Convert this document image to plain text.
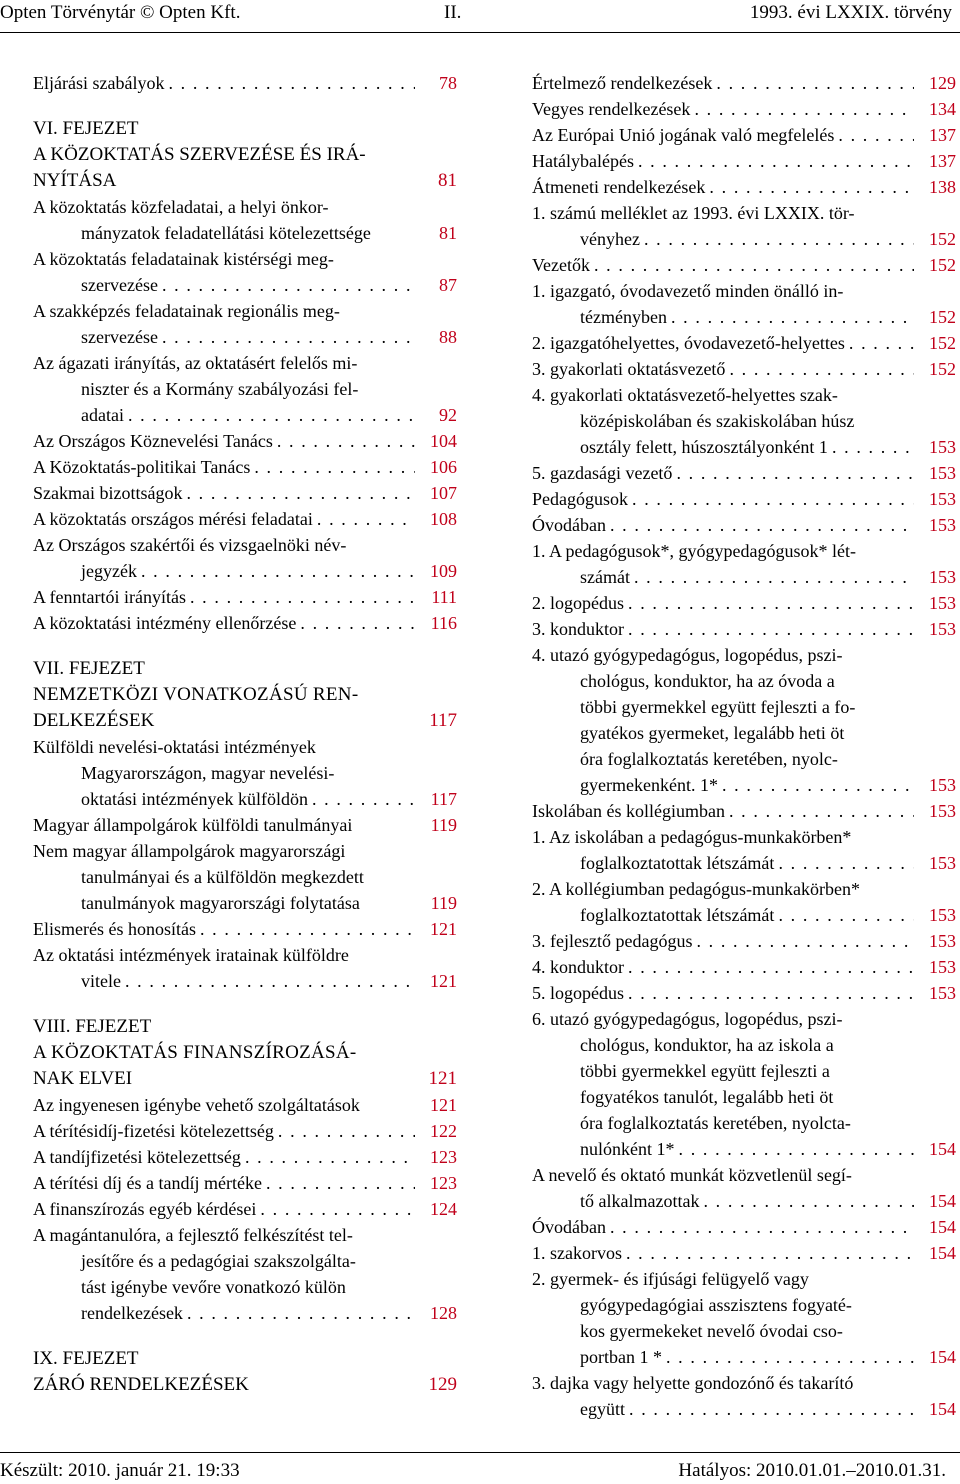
Opten Törvénytár © Opten Kft.	II.	1993. évi LXXIX. törvény
Eljárási szabályok . . .	78
VI. FEJEZET
A KÖZOKTATÁS SZERVEZÉSE ÉS IRÁ-
NYÍTÁSA	81
A közoktatás közfeladatai, a helyi önkor-
mányzatok feladatellátási kötelezettsége	81
A közoktatás feladatainak kistérségi meg-
szervezése . . .	87
A szakképzés feladatainak regionális meg-
szervezése . . .	88
Az ágazati irányítás, az oktatásért felelős mi-
niszter és a Kormány szabályozási fel-
adatai . . .	92
Az Országos Köznevelési Tanács . . .	104
A Közoktatás-politikai Tanács . . .	106
Szakmai bizottságok . . .	107
A közoktatás országos mérési feladatai . . .	108
Az Országos szakértői és vizsgaelnöki név-
jegyzék . . .	109
A fenntartói irányítás . . .	111
A közoktatási intézmény ellenőrzése . . .	116
VII. FEJEZET
NEMZETKÖZI VONATKOZÁSÚ REN-
DELKEZÉSEK	117
Külföldi nevelési-oktatási intézmények
Magyarországon, magyar nevelési-
oktatási intézmények külföldön . . .	117
Magyar állampolgárok külföldi tanulmányai	119
Nem magyar állampolgárok magyarországi
tanulmányai és a külföldön megkezdett
tanulmányok magyarországi folytatása	119
Elismerés és honosítás . . .	121
Az oktatási intézmények iratainak külföldre
vitele . . .	121
VIII. FEJEZET
A KÖZOKTATÁS FINANSZÍROZÁSÁ-
NAK ELVEI	121
Az ingyenesen igénybe vehető szolgáltatások	121
A térítésidíj-fizetési kötelezettség . . .	122
A tandíjfizetési kötelezettség . . .	123
A térítési díj és a tandíj mértéke . . .	123
A finanszírozás egyéb kérdései . . .	124
A magántanulóra, a fejlesztő felkészítést tel-
jesítőre és a pedagógiai szakszolgálta-
tást igénybe vevőre vonatkozó külön
rendelkezések . . .	128
IX. FEJEZET
ZÁRÓ RENDELKEZÉSEK	129
Értelmező rendelkezések . . .	129
Vegyes rendelkezések . . .	134
Az Európai Unió jogának való megfelelés . . .	137
Hatálybalépés . . .	137
Átmeneti rendelkezések . . .	138
1. számú melléklet az 1993. évi LXXIX. tör-
vényhez . . .	152
Vezetők . . .	152
1. igazgató, óvodavezető minden önálló in-
tézményben . . .	152
2. igazgatóhelyettes, óvodavezető-helyettes . . .	152
3. gyakorlati oktatásvezető . . .	152
4. gyakorlati oktatásvezető-helyettes szak-
középiskolában és szakiskolában húsz
osztály felett, húszosztályonként 1 . . .	153
5. gazdasági vezető . . .	153
Pedagógusok . . .	153
Óvodában . . .	153
1. A pedagógusok*, gyógypedagógusok* lét-
számát . . .	153
2. logopédus . . .	153
3. konduktor . . .	153
4. utazó gyógypedagógus, logopédus, pszi-
chológus, konduktor, ha az óvoda a
többi gyermekkel együtt fejleszti a fo-
gyatékos gyermeket, legalább heti öt
óra foglalkoztatás keretében, nyolc-
gyermekenként. 1* . . .	153
Iskolában és kollégiumban . . .	153
1. Az iskolában a pedagógus-munkakörben*
foglalkoztatottak létszámát . . .	153
2. A kollégiumban pedagógus-munkakörben*
foglalkoztatottak létszámát . . .	153
3. fejlesztő pedagógus . . .	153
4. konduktor . . .	153
5. logopédus . . .	153
6. utazó gyógypedagógus, logopédus, pszi-
chológus, konduktor, ha az iskola a
többi gyermekkel együtt fejleszti a
fogyatékos tanulót, legalább heti öt
óra foglalkoztatás keretében, nyolcta-
nulónként 1* . . .	154
A nevelő és oktató munkát közvetlenül segí-
tő alkalmazottak . . .	154
Óvodában . . .	154
1. szakorvos . . .	154
2. gyermek- és ifjúsági felügyelő vagy
gyógypedagógiai asszisztens fogyaté-
kos gyermekeket nevelő óvodai cso-
portban 1 * . . .	154
3. dajka vagy helyette gondozónő és takarító
együtt . . .	154
Készült: 2010. január 21. 19:33	Hatályos: 2010.01.01.–2010.01.31.
